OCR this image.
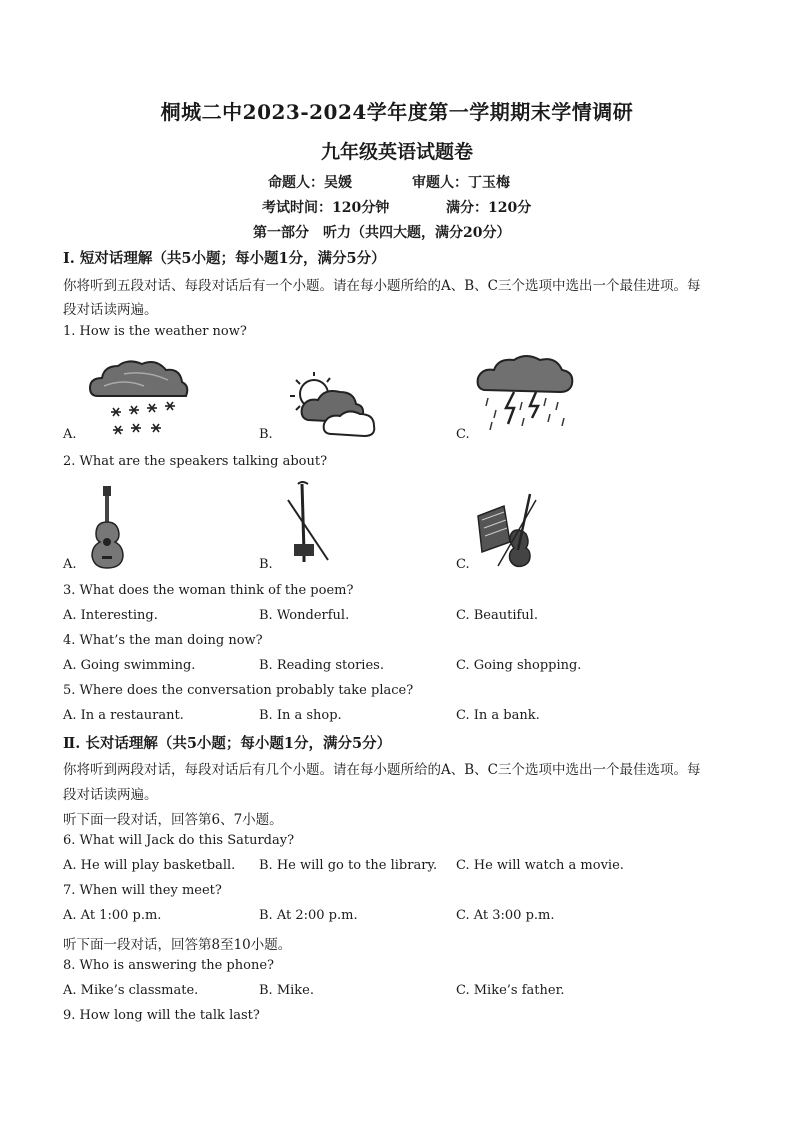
桐城二中2023-2024学年度第一学期期末学情调研
九年级英语试题卷
命题人：吴媛	审题人：丁玉梅
考试时间：120分钟	满分：120分
第一部分　听力（共四大题，满分20分）
Ⅰ. 短对话理解（共5小题；每小题1分，满分5分）
你将听到五段对话、每段对话后有一个小题。请在每小题所给的A、B、C三个选项中选出一个最佳进项。每
段对话读两遍。
1. How is the weather now?
A.	B.	C.
2. What are the speakers talking about?
A.	B.	C.
3. What does the woman think of the poem?
A. Interesting.	B. Wonderful.	C. Beautiful.
4. What’s the man doing now?
A. Going swimming.	B. Reading stories.	C. Going shopping.
5. Where does the conversation probably take place?
A. In a restaurant.	B. In a shop.	C. In a bank.
Ⅱ. 长对话理解（共5小题；每小题1分，满分5分）
你将听到两段对话，每段对话后有几个小题。请在每小题所给的A、B、C三个选项中选出一个最佳选项。每
段对话读两遍。
听下面一段对话，回答第6、7小题。
6. What will Jack do this Saturday?
A. He will play basketball. B. He will go to the library. C. He will watch a movie.
7. When will they meet?
A. At 1:00 p.m.	B. At 2:00 p.m.	C. At 3:00 p.m.
听下面一段对话，回答第8至10小题。
8. Who is answering the phone?
A. Mike’s classmate.	B. Mike.	C. Mike’s father.
9. How long will the talk last?
